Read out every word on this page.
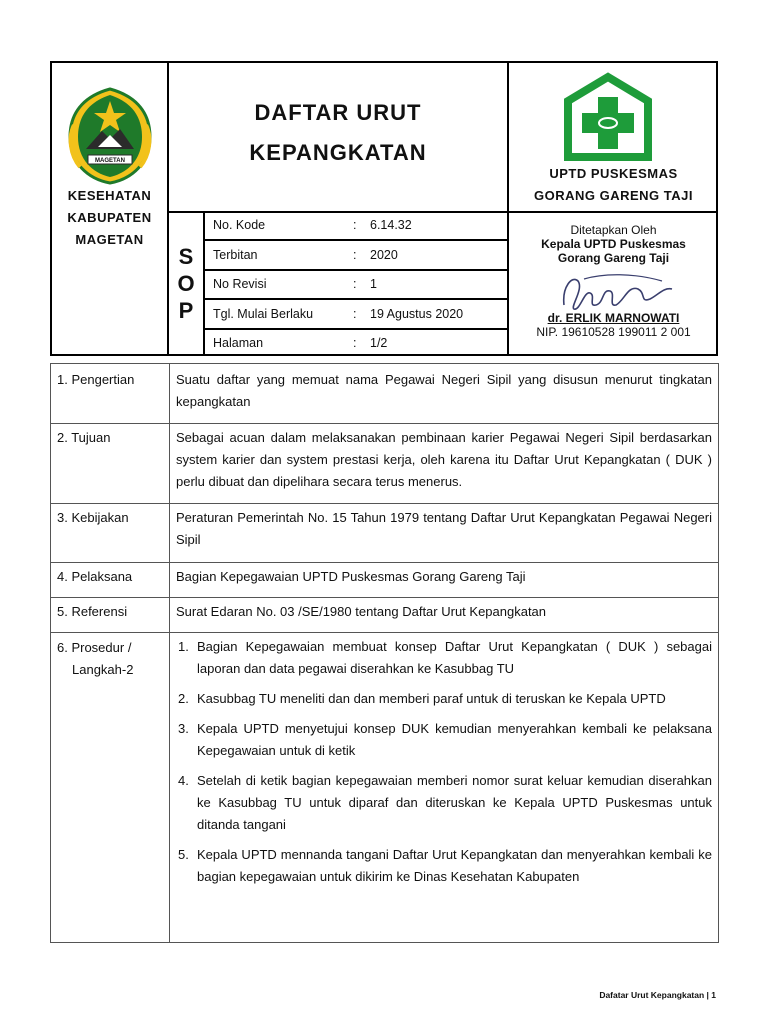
MAGETAN
KESEHATAN
KABUPATEN
MAGETAN
DAFTAR URUT
KEPANGKATAN
S
O
P
No. Kode	: 6.14.32
Terbitan	: 2020
No Revisi	: 1
Tgl. Mulai Berlaku	: 19 Agustus 2020
Halaman	: 1/2
UPTD PUSKESMAS
GORANG GARENG TAJI
Ditetapkan Oleh
Kepala UPTD Puskesmas
Gorang Gareng Taji
dr. ERLIK MARNOWATI
NIP. 19610528 199011 2 001
1. Pengertian	Suatu daftar yang memuat nama Pegawai Negeri Sipil yang disusun menurut tingkatan kepangkatan
2. Tujuan	Sebagai acuan dalam melaksanakan pembinaan karier Pegawai Negeri Sipil berdasarkan system karier dan system prestasi kerja, oleh karena itu Daftar Urut Kepangkatan ( DUK ) perlu dibuat dan dipelihara secara terus menerus.
3. Kebijakan	Peraturan Pemerintah No. 15 Tahun 1979 tentang Daftar Urut Kepangkatan Pegawai Negeri Sipil
4. Pelaksana	Bagian Kepegawaian UPTD Puskesmas Gorang Gareng Taji
5. Referensi	Surat Edaran No. 03 /SE/1980 tentang Daftar Urut Kepangkatan
6. Prosedur /
Langkah-2
1. Bagian Kepegawaian membuat konsep Daftar Urut Kepangkatan ( DUK ) sebagai laporan dan data pegawai diserahkan ke Kasubbag TU
2. Kasubbag TU meneliti dan dan memberi paraf untuk di teruskan ke Kepala UPTD
3. Kepala UPTD menyetujui konsep DUK kemudian menyerahkan kembali ke pelaksana Kepegawaian untuk di ketik
4. Setelah di ketik bagian kepegawaian memberi nomor surat keluar kemudian diserahkan ke Kasubbag TU untuk diparaf dan diteruskan ke Kepala UPTD Puskesmas untuk ditanda tangani
5. Kepala UPTD mennanda tangani Daftar Urut Kepangkatan dan menyerahkan kembali ke bagian kepegawaian untuk dikirim ke Dinas Kesehatan Kabupaten
Dafatar Urut Kepangkatan | 1
